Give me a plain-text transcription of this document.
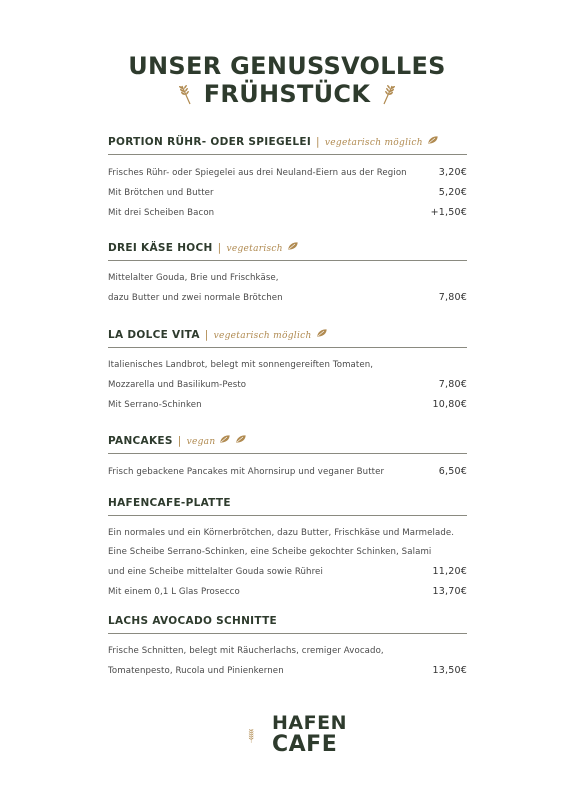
UNSER GENUSSVOLLES
FRÜHSTÜCK
PORTION RÜHR- ODER SPIEGELEI | vegetarisch möglich
Frisches Rühr- oder Spiegelei aus drei Neuland-Eiern aus der Region	3,20€
Mit Brötchen und Butter	5,20€
Mit drei Scheiben Bacon	+1,50€
DREI KÄSE HOCH | vegetarisch
Mittelalter Gouda, Brie und Frischkäse,
dazu Butter und zwei normale Brötchen	7,80€
LA DOLCE VITA | vegetarisch möglich
Italienisches Landbrot, belegt mit sonnengereiften Tomaten,
Mozzarella und Basilikum-Pesto	7,80€
Mit Serrano-Schinken	10,80€
PANCAKES | vegan
Frisch gebackene Pancakes mit Ahornsirup und veganer Butter	6,50€
HAFENCAFE-PLATTE
Ein normales und ein Körnerbrötchen, dazu Butter, Frischkäse und Marmelade.
Eine Scheibe Serrano-Schinken, eine Scheibe gekochter Schinken, Salami
und eine Scheibe mittelalter Gouda sowie Rührei	11,20€
Mit einem 0,1 L Glas Prosecco	13,70€
LACHS AVOCADO SCHNITTE
Frische Schnitten, belegt mit Räucherlachs, cremiger Avocado,
Tomatenpesto, Rucola und Pinienkernen	13,50€
HAFEN
CAFE
